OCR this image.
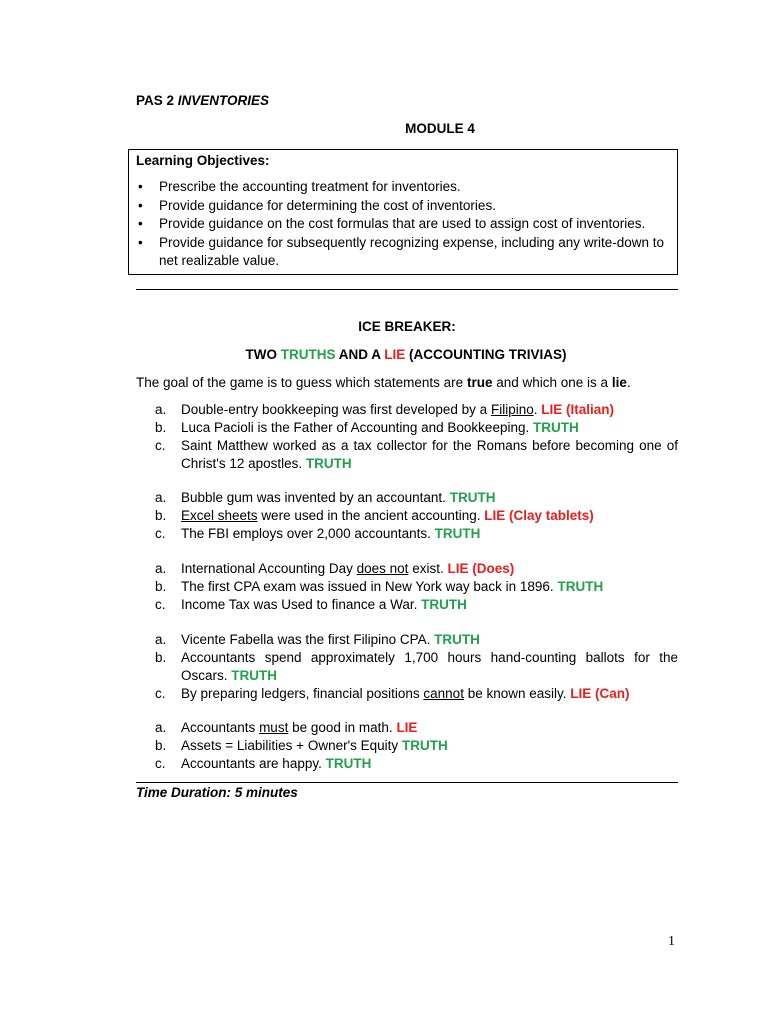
PAS 2 INVENTORIES
MODULE 4
Learning Objectives:
• Prescribe the accounting treatment for inventories.
• Provide guidance for determining the cost of inventories.
• Provide guidance on the cost formulas that are used to assign cost of inventories.
• Provide guidance for subsequently recognizing expense, including any write-down to net realizable value.
ICE BREAKER:
TWO TRUTHS AND A LIE (ACCOUNTING TRIVIAS)
The goal of the game is to guess which statements are true and which one is a lie.
a. Double-entry bookkeeping was first developed by a Filipino. LIE (Italian)
b. Luca Pacioli is the Father of Accounting and Bookkeeping. TRUTH
c. Saint Matthew worked as a tax collector for the Romans before becoming one of Christ's 12 apostles. TRUTH
a. Bubble gum was invented by an accountant. TRUTH
b. Excel sheets were used in the ancient accounting. LIE (Clay tablets)
c. The FBI employs over 2,000 accountants. TRUTH
a. International Accounting Day does not exist. LIE (Does)
b. The first CPA exam was issued in New York way back in 1896. TRUTH
c. Income Tax was Used to finance a War. TRUTH
a. Vicente Fabella was the first Filipino CPA. TRUTH
b. Accountants spend approximately 1,700 hours hand-counting ballots for the Oscars. TRUTH
c. By preparing ledgers, financial positions cannot be known easily. LIE (Can)
a. Accountants must be good in math. LIE
b. Assets = Liabilities + Owner's Equity TRUTH
c. Accountants are happy. TRUTH
Time Duration: 5 minutes
1
